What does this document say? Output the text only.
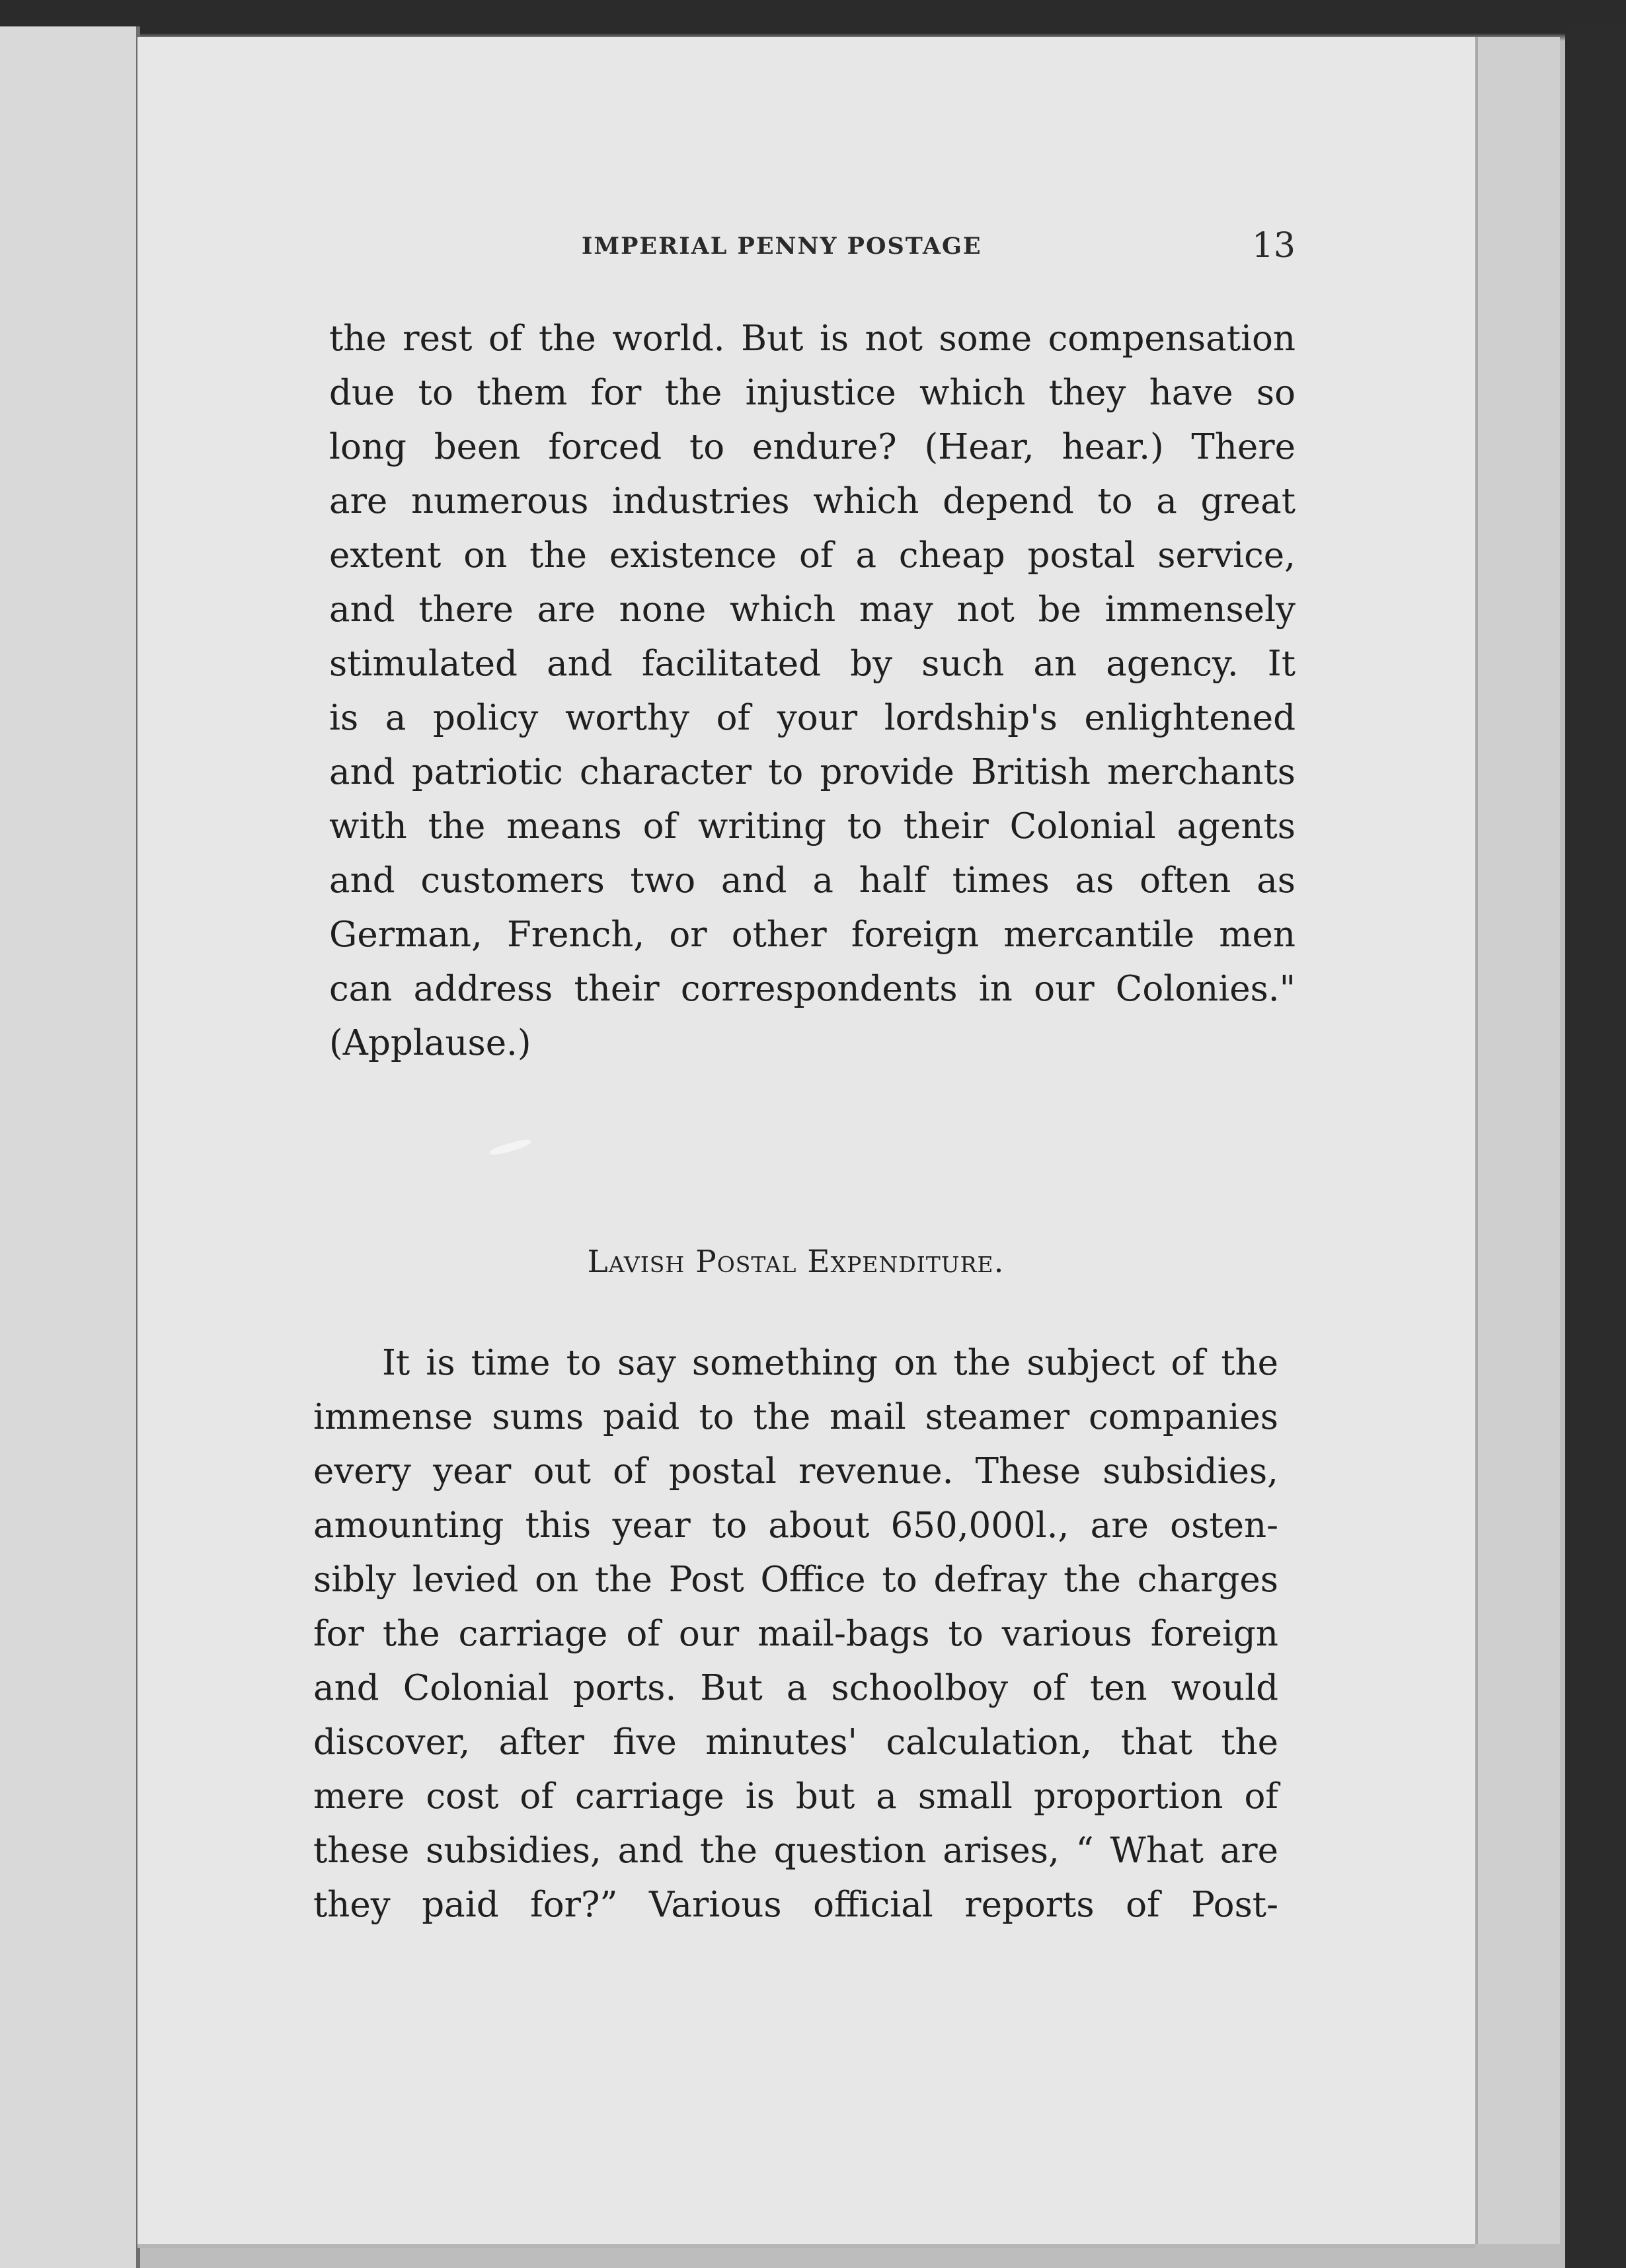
IMPERIAL PENNY POSTAGE	13
the rest of the world. But is not some compensation
due to them for the injustice which they have so
long been forced to endure? (Hear, hear.) There
are numerous industries which depend to a great
extent on the existence of a cheap postal service,
and there are none which may not be immensely
stimulated and facilitated by such an agency. It
is a policy worthy of your lordship's enlightened
and patriotic character to provide British merchants
with the means of writing to their Colonial agents
and customers two and a half times as often as
German, French, or other foreign mercantile men
can address their correspondents in our Colonies."
(Applause.)
Lavish Postal Expenditure.
It is time to say something on the subject of the
immense sums paid to the mail steamer companies
every year out of postal revenue. These subsidies,
amounting this year to about 650,000l., are osten-
sibly levied on the Post Office to defray the charges
for the carriage of our mail-bags to various foreign
and Colonial ports. But a schoolboy of ten would
discover, after five minutes' calculation, that the
mere cost of carriage is but a small proportion of
these subsidies, and the question arises, “ What are
they paid for?” Various official reports of Post-
